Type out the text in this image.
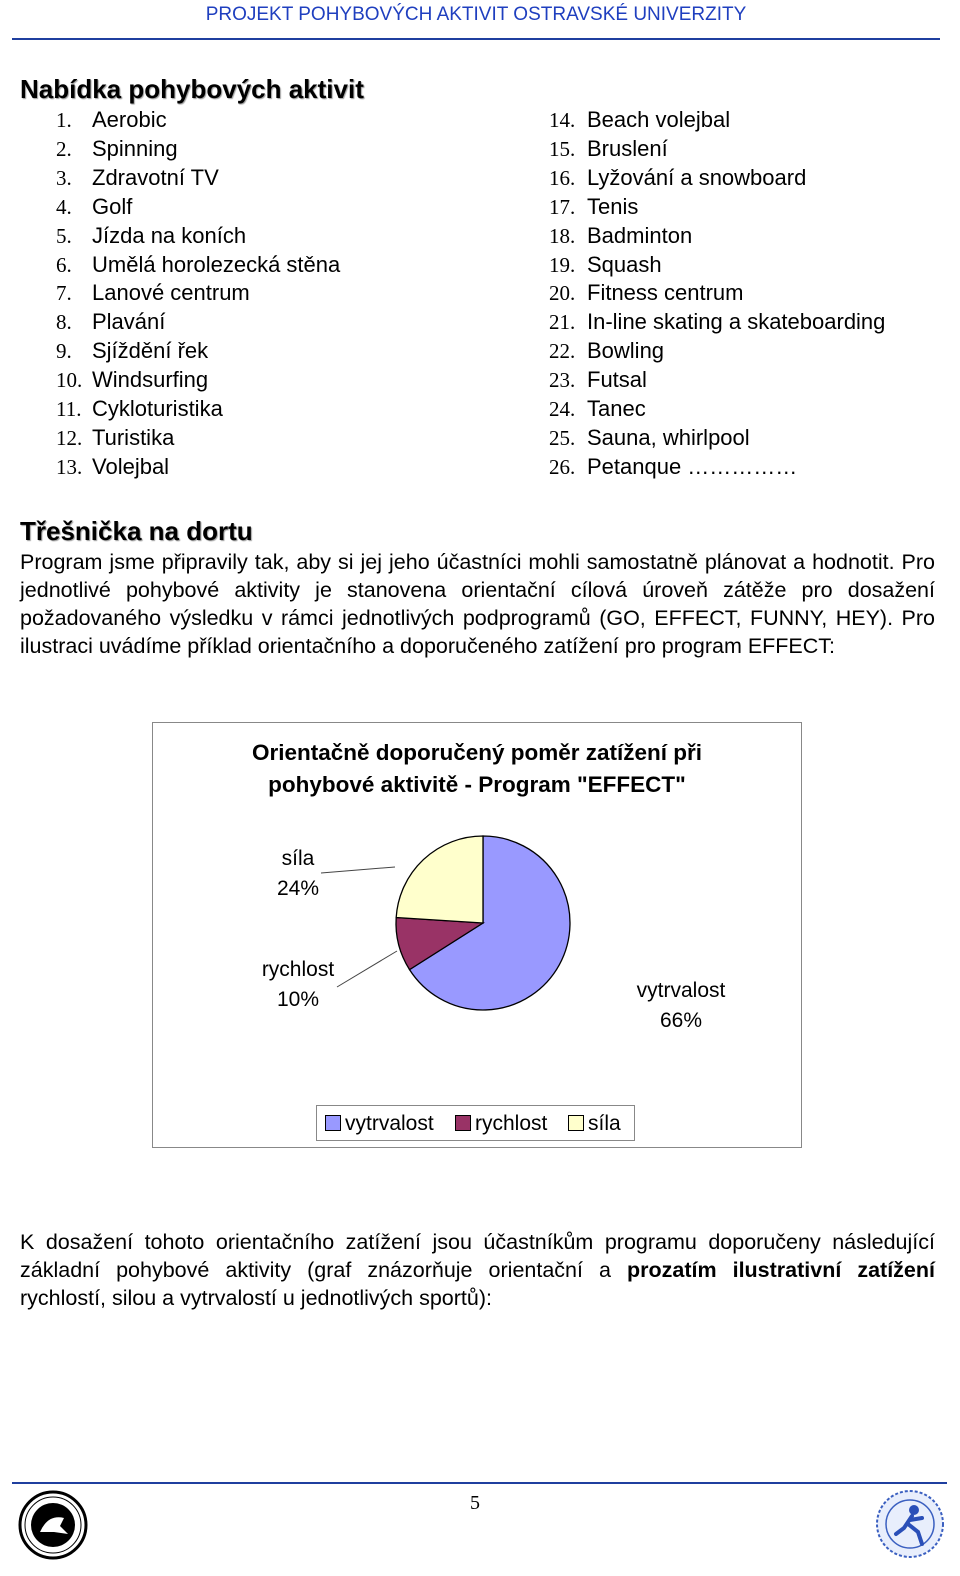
PROJEKT POHYBOVÝCH AKTIVIT OSTRAVSKÉ UNIVERZITY
Nabídka pohybových aktivit
1. Aerobic
2. Spinning
3. Zdravotní TV
4. Golf
5. Jízda na koních
6. Umělá horolezecká stěna
7. Lanové centrum
8. Plavání
9. Sjíždění řek
10. Windsurfing
11. Cykloturistika
12. Turistika
13. Volejbal
14. Beach volejbal
15. Bruslení
16. Lyžování a snowboard
17. Tenis
18. Badminton
19. Squash
20. Fitness centrum
21. In-line skating a skateboarding
22. Bowling
23. Futsal
24. Tanec
25. Sauna, whirlpool
26. Petanque ……………
Třešnička na dortu
Program jsme připravily tak, aby si jej jeho účastníci mohli samostatně plánovat a hodnotit. Pro jednotlivé pohybové aktivity je stanovena orientační cílová úroveň zátěže pro dosažení požadovaného výsledku v rámci jednotlivých podprogramů (GO, EFFECT, FUNNY, HEY). Pro ilustraci uvádíme příklad orientačního a doporučeného zatížení pro program EFFECT:
Orientačně doporučený poměr zatížení při
pohybové aktivitě - Program "EFFECT"
síla
24%
rychlost
10%	vytrvalost
66%
vytrvalost	rychlost	síla
K dosažení tohoto orientačního zatížení jsou účastníkům programu doporučeny následující základní pohybové aktivity (graf znázorňuje orientační a prozatím ilustrativní zatížení rychlostí, silou a vytrvalostí u jednotlivých sportů):
5
